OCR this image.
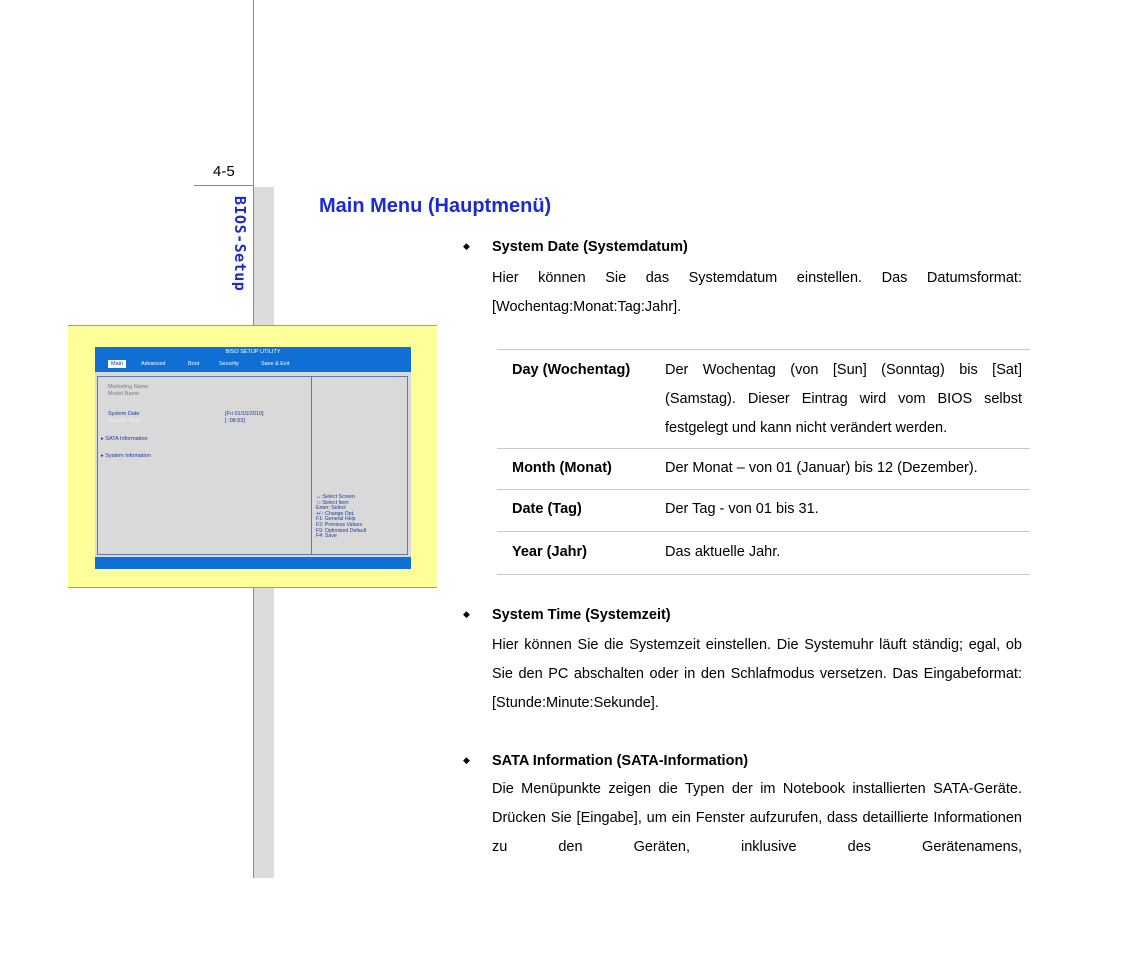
4-5
BIOS-Setup
BISO SETUP UTILITY
Main	Advanced	Boot	Security	Save & Exit
Marketing Name
Model Name
System Date	[Fri 01/15/2010]
System Time	[ :08:53]
▸ SATA Information
▸ System Infomation
↔:Select Screen
↑↓:Select Item
Enter: Select
+/-: Change Opt.
F1: General Help
F2: Previous Values
F9: Optimized Default
F4: Save
Main Menu (Hauptmenü)
◆ System Date (Systemdatum)
Hier können Sie das Systemdatum einstellen. Das Datumsformat: [Wochentag:Monat:Tag:Jahr].
Day (Wochentag) Der Wochentag (von [Sun] (Sonntag) bis [Sat] (Samstag). Dieser Eintrag wird vom BIOS selbst festgelegt und kann nicht verändert werden.
Month (Monat)	Der Monat – von 01 (Januar) bis 12 (Dezember).
Date (Tag)	Der Tag - von 01 bis 31.
Year (Jahr)	Das aktuelle Jahr.
◆ System Time (Systemzeit)
Hier können Sie die Systemzeit einstellen. Die Systemuhr läuft ständig; egal, ob Sie den PC abschalten oder in den Schlafmodus versetzen. Das Eingabeformat: [Stunde:Minute:Sekunde].
◆ SATA Information (SATA-Information)
Die Menüpunkte zeigen die Typen der im Notebook installierten SATA-Geräte. Drücken Sie [Eingabe], um ein Fenster aufzurufen, dass detaillierte Informationen zu den Geräten, inklusive des Gerätenamens,
